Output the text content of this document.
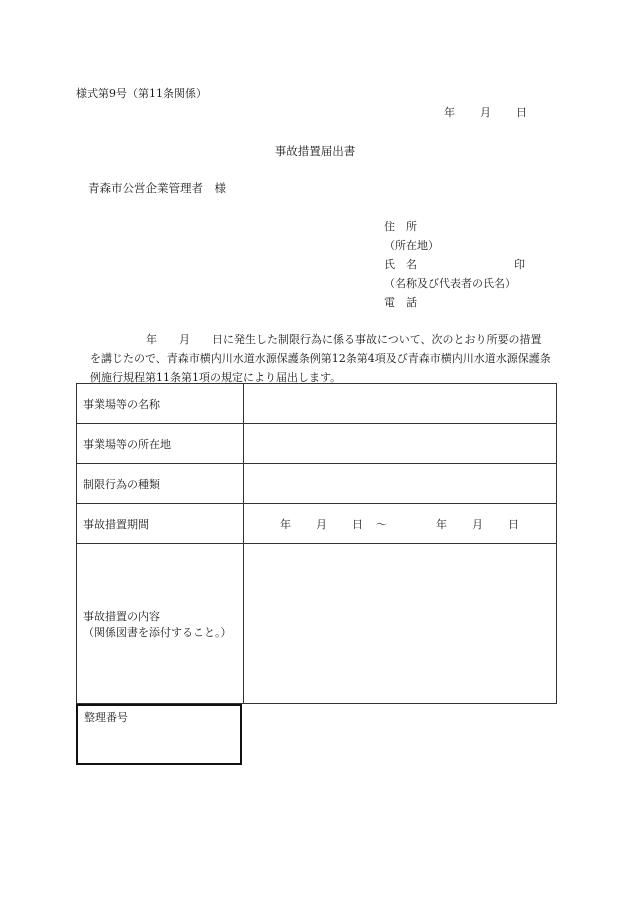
様式第9号（第11条関係）
年　　月　　日
事故措置届出書
青森市公営企業管理者　様
住　所
（所在地）
氏　名	印
（名称及び代表者の氏名）
電　話
年　　月　　日に発生した制限行為に係る事故について、次のとおり所要の措置を講じたので、青森市横内川水道水源保護条例第12条第4項及び青森市横内川水道水源保護条例施行規程第11条第1項の規定により届出します。
事業場等の名称	
事業場等の所在地	
制限行為の種類	
事故措置期間	年　　月　　日　〜　　　　年　　月　　日

事故措置の内容
（関係図書を添付すること。）	

整理番号
